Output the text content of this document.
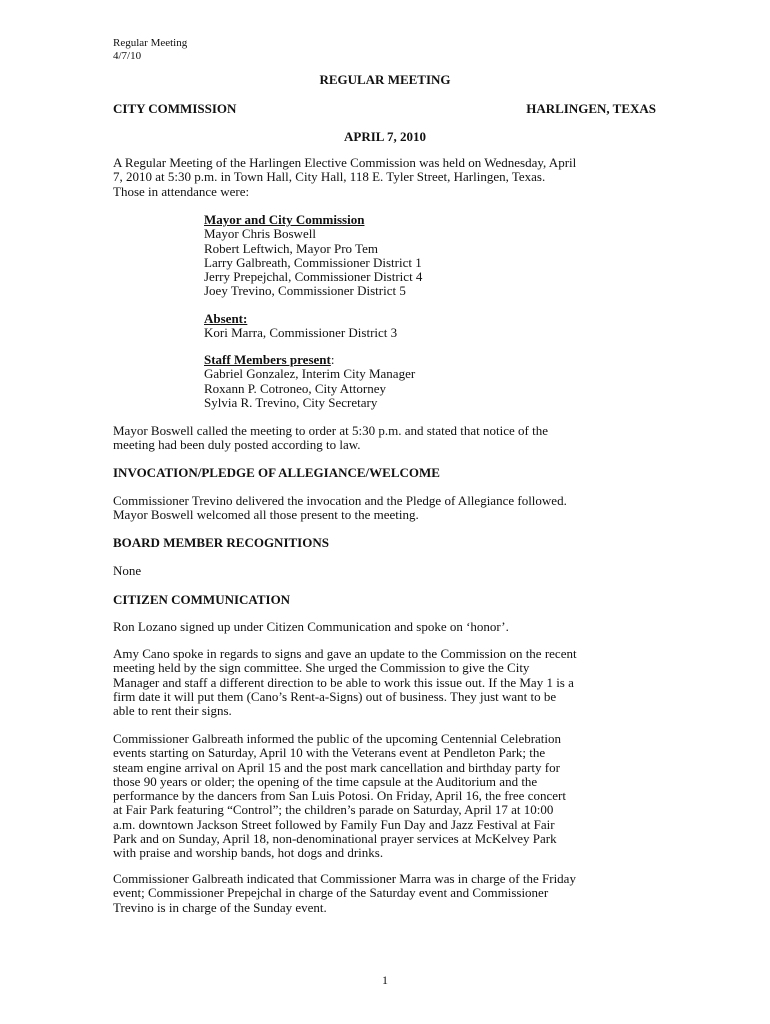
Regular Meeting
4/7/10
REGULAR MEETING
CITY COMMISSION	HARLINGEN, TEXAS
APRIL 7, 2010

A Regular Meeting of the Harlingen Elective Commission was held on Wednesday, April
7, 2010 at 5:30 p.m. in Town Hall, City Hall, 118 E. Tyler Street, Harlingen, Texas.
Those in attendance were:

Mayor and City Commission
Mayor Chris Boswell
Robert Leftwich, Mayor Pro Tem
Larry Galbreath, Commissioner District 1
Jerry Prepejchal, Commissioner District 4
Joey Trevino, Commissioner District 5
Absent:
Kori Marra, Commissioner District 3
Staff Members present:
Gabriel Gonzalez, Interim City Manager
Roxann P. Cotroneo, City Attorney
Sylvia R. Trevino, City Secretary

Mayor Boswell called the meeting to order at 5:30 p.m. and stated that notice of the
meeting had been duly posted according to law.

INVOCATION/PLEDGE OF ALLEGIANCE/WELCOME

Commissioner Trevino delivered the invocation and the Pledge of Allegiance followed.
Mayor Boswell welcomed all those present to the meeting.

BOARD MEMBER RECOGNITIONS

None

CITIZEN COMMUNICATION

Ron Lozano signed up under Citizen Communication and spoke on ‘honor’.

Amy Cano spoke in regards to signs and gave an update to the Commission on the recent
meeting held by the sign committee. She urged the Commission to give the City
Manager and staff a different direction to be able to work this issue out. If the May 1 is a
firm date it will put them (Cano’s Rent-a-Signs) out of business. They just want to be
able to rent their signs.

Commissioner Galbreath informed the public of the upcoming Centennial Celebration
events starting on Saturday, April 10 with the Veterans event at Pendleton Park; the
steam engine arrival on April 15 and the post mark cancellation and birthday party for
those 90 years or older; the opening of the time capsule at the Auditorium and the
performance by the dancers from San Luis Potosi. On Friday, April 16, the free concert
at Fair Park featuring “Control”; the children’s parade on Saturday, April 17 at 10:00
a.m. downtown Jackson Street followed by Family Fun Day and Jazz Festival at Fair
Park and on Sunday, April 18, non-denominational prayer services at McKelvey Park
with praise and worship bands, hot dogs and drinks.

Commissioner Galbreath indicated that Commissioner Marra was in charge of the Friday
event; Commissioner Prepejchal in charge of the Saturday event and Commissioner
Trevino is in charge of the Sunday event.

1
